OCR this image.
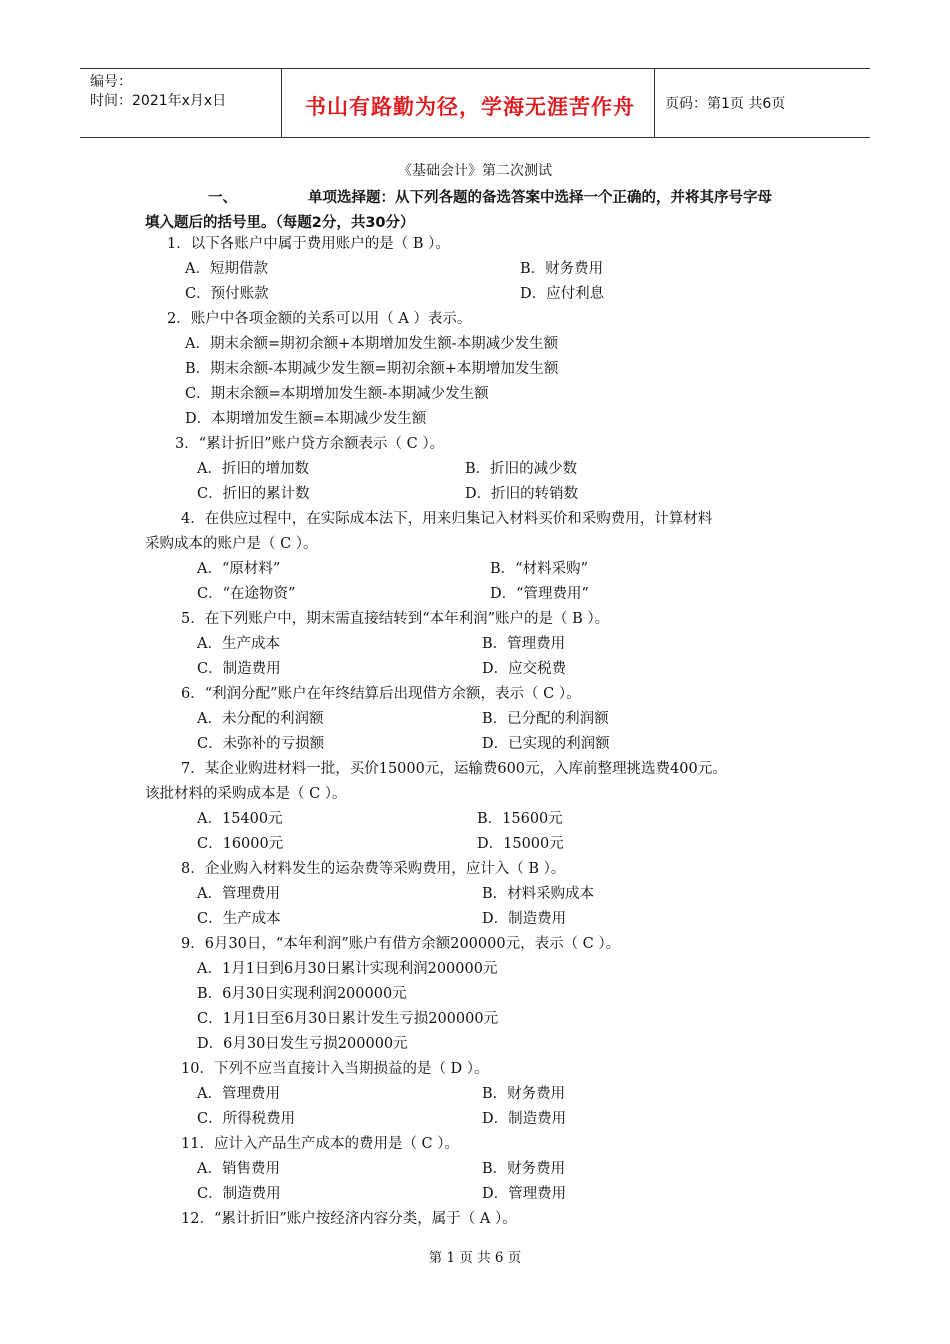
编号：
时间：2021年x月x日	书山有路勤为径，学海无涯苦作舟	页码：第1页 共6页
《基础会计》第二次测试
一、	单项选择题：从下列各题的备选答案中选择一个正确的，并将其序号字母
填入题后的括号里。（每题2分，共30分）
1．以下各账户中属于费用账户的是（ B ）。
A．短期借款	B．财务费用
C．预付账款	D．应付利息
2．账户中各项金额的关系可以用（ A ）表示。
A．期末余额=期初余额+本期增加发生额-本期减少发生额
B．期末余额-本期减少发生额=期初余额+本期增加发生额
C．期末余额=本期增加发生额-本期减少发生额
D．本期增加发生额=本期减少发生额
3．“累计折旧”账户贷方余额表示（ C ）。
A．折旧的增加数	B．折旧的减少数
C．折旧的累计数	D．折旧的转销数
4．在供应过程中，在实际成本法下，用来归集记入材料买价和采购费用，计算材料
采购成本的账户是（ C ）。
A．“原材料”	B．“材料采购”
C．“在途物资”	D．“管理费用”
5．在下列账户中，期末需直接结转到“本年利润”账户的是（ B ）。
A．生产成本	B．管理费用
C．制造费用	D．应交税费
6．“利润分配”账户在年终结算后出现借方余额，表示（ C ）。
A．未分配的利润额	B．已分配的利润额
C．未弥补的亏损额	D．已实现的利润额
7．某企业购进材料一批，买价15000元，运输费600元，入库前整理挑选费400元。
该批材料的采购成本是（ C ）。
A．15400元	B．15600元
C．16000元	D．15000元
8．企业购入材料发生的运杂费等采购费用，应计入（ B ）。
A．管理费用	B．材料采购成本
C．生产成本	D．制造费用
9．6月30日，“本年利润”账户有借方余额200000元，表示（ C ）。
A．1月1日到6月30日累计实现利润200000元
B．6月30日实现利润200000元
C．1月1日至6月30日累计发生亏损200000元
D．6月30日发生亏损200000元
10．下列不应当直接计入当期损益的是（ D ）。
A．管理费用	B．财务费用
C．所得税费用	D．制造费用
11．应计入产品生产成本的费用是（ C ）。
A．销售费用	B．财务费用
C．制造费用	D．管理费用
12．“累计折旧”账户按经济内容分类，属于（ A ）。
第 1 页 共 6 页
